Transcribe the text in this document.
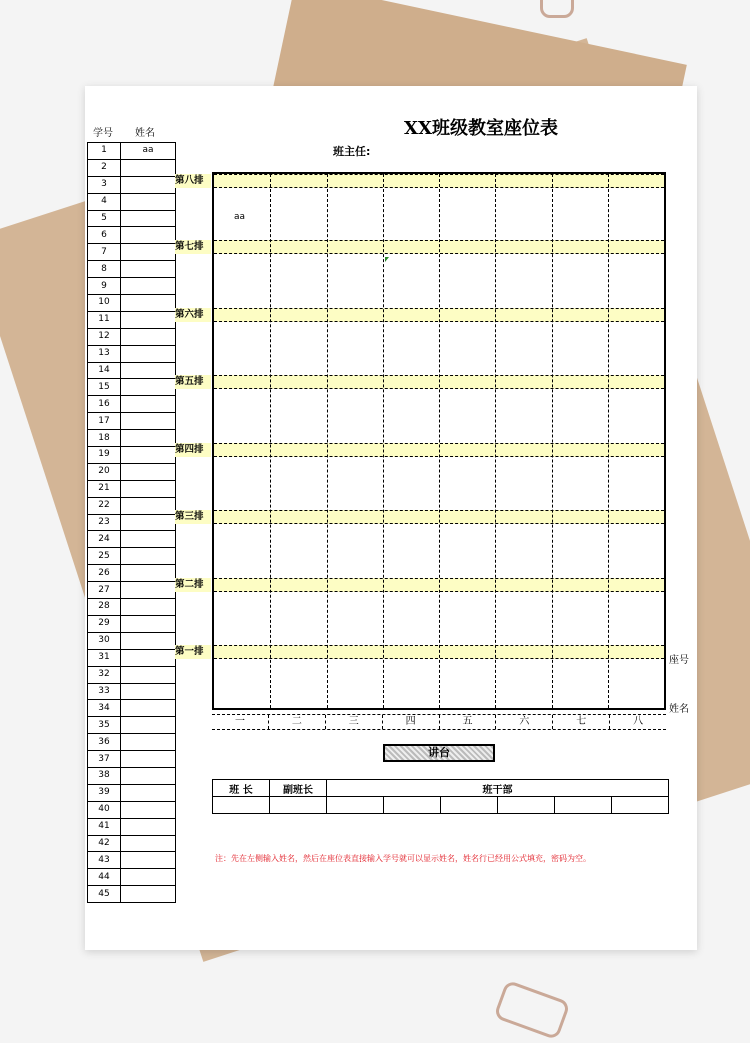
XX班级教室座位表
班主任:
学号 姓名
1	aa
2	
3	
4	
5	
6	
7	
8	
9	
10	
11	
12	
13	
14	
15	
16	
17	
18	
19	
20	
21	
22	
23	
24	
25	
26	
27	
28	
29	
30	
31	
32	
33	
34	
35	
36	
37	
38	
39	
40	
41	
42	
43	
44	
45	
第八排
第七排
第六排
第五排
第四排
第三排
第二排
第一排
aa
一	二	三	四	五	六	七	八
座号
姓名
讲台
班 长	副班长	班干部					

注：先在左侧输入姓名，然后在座位表直接输入学号就可以显示姓名，姓名行已经用公式填充，密码为空。
